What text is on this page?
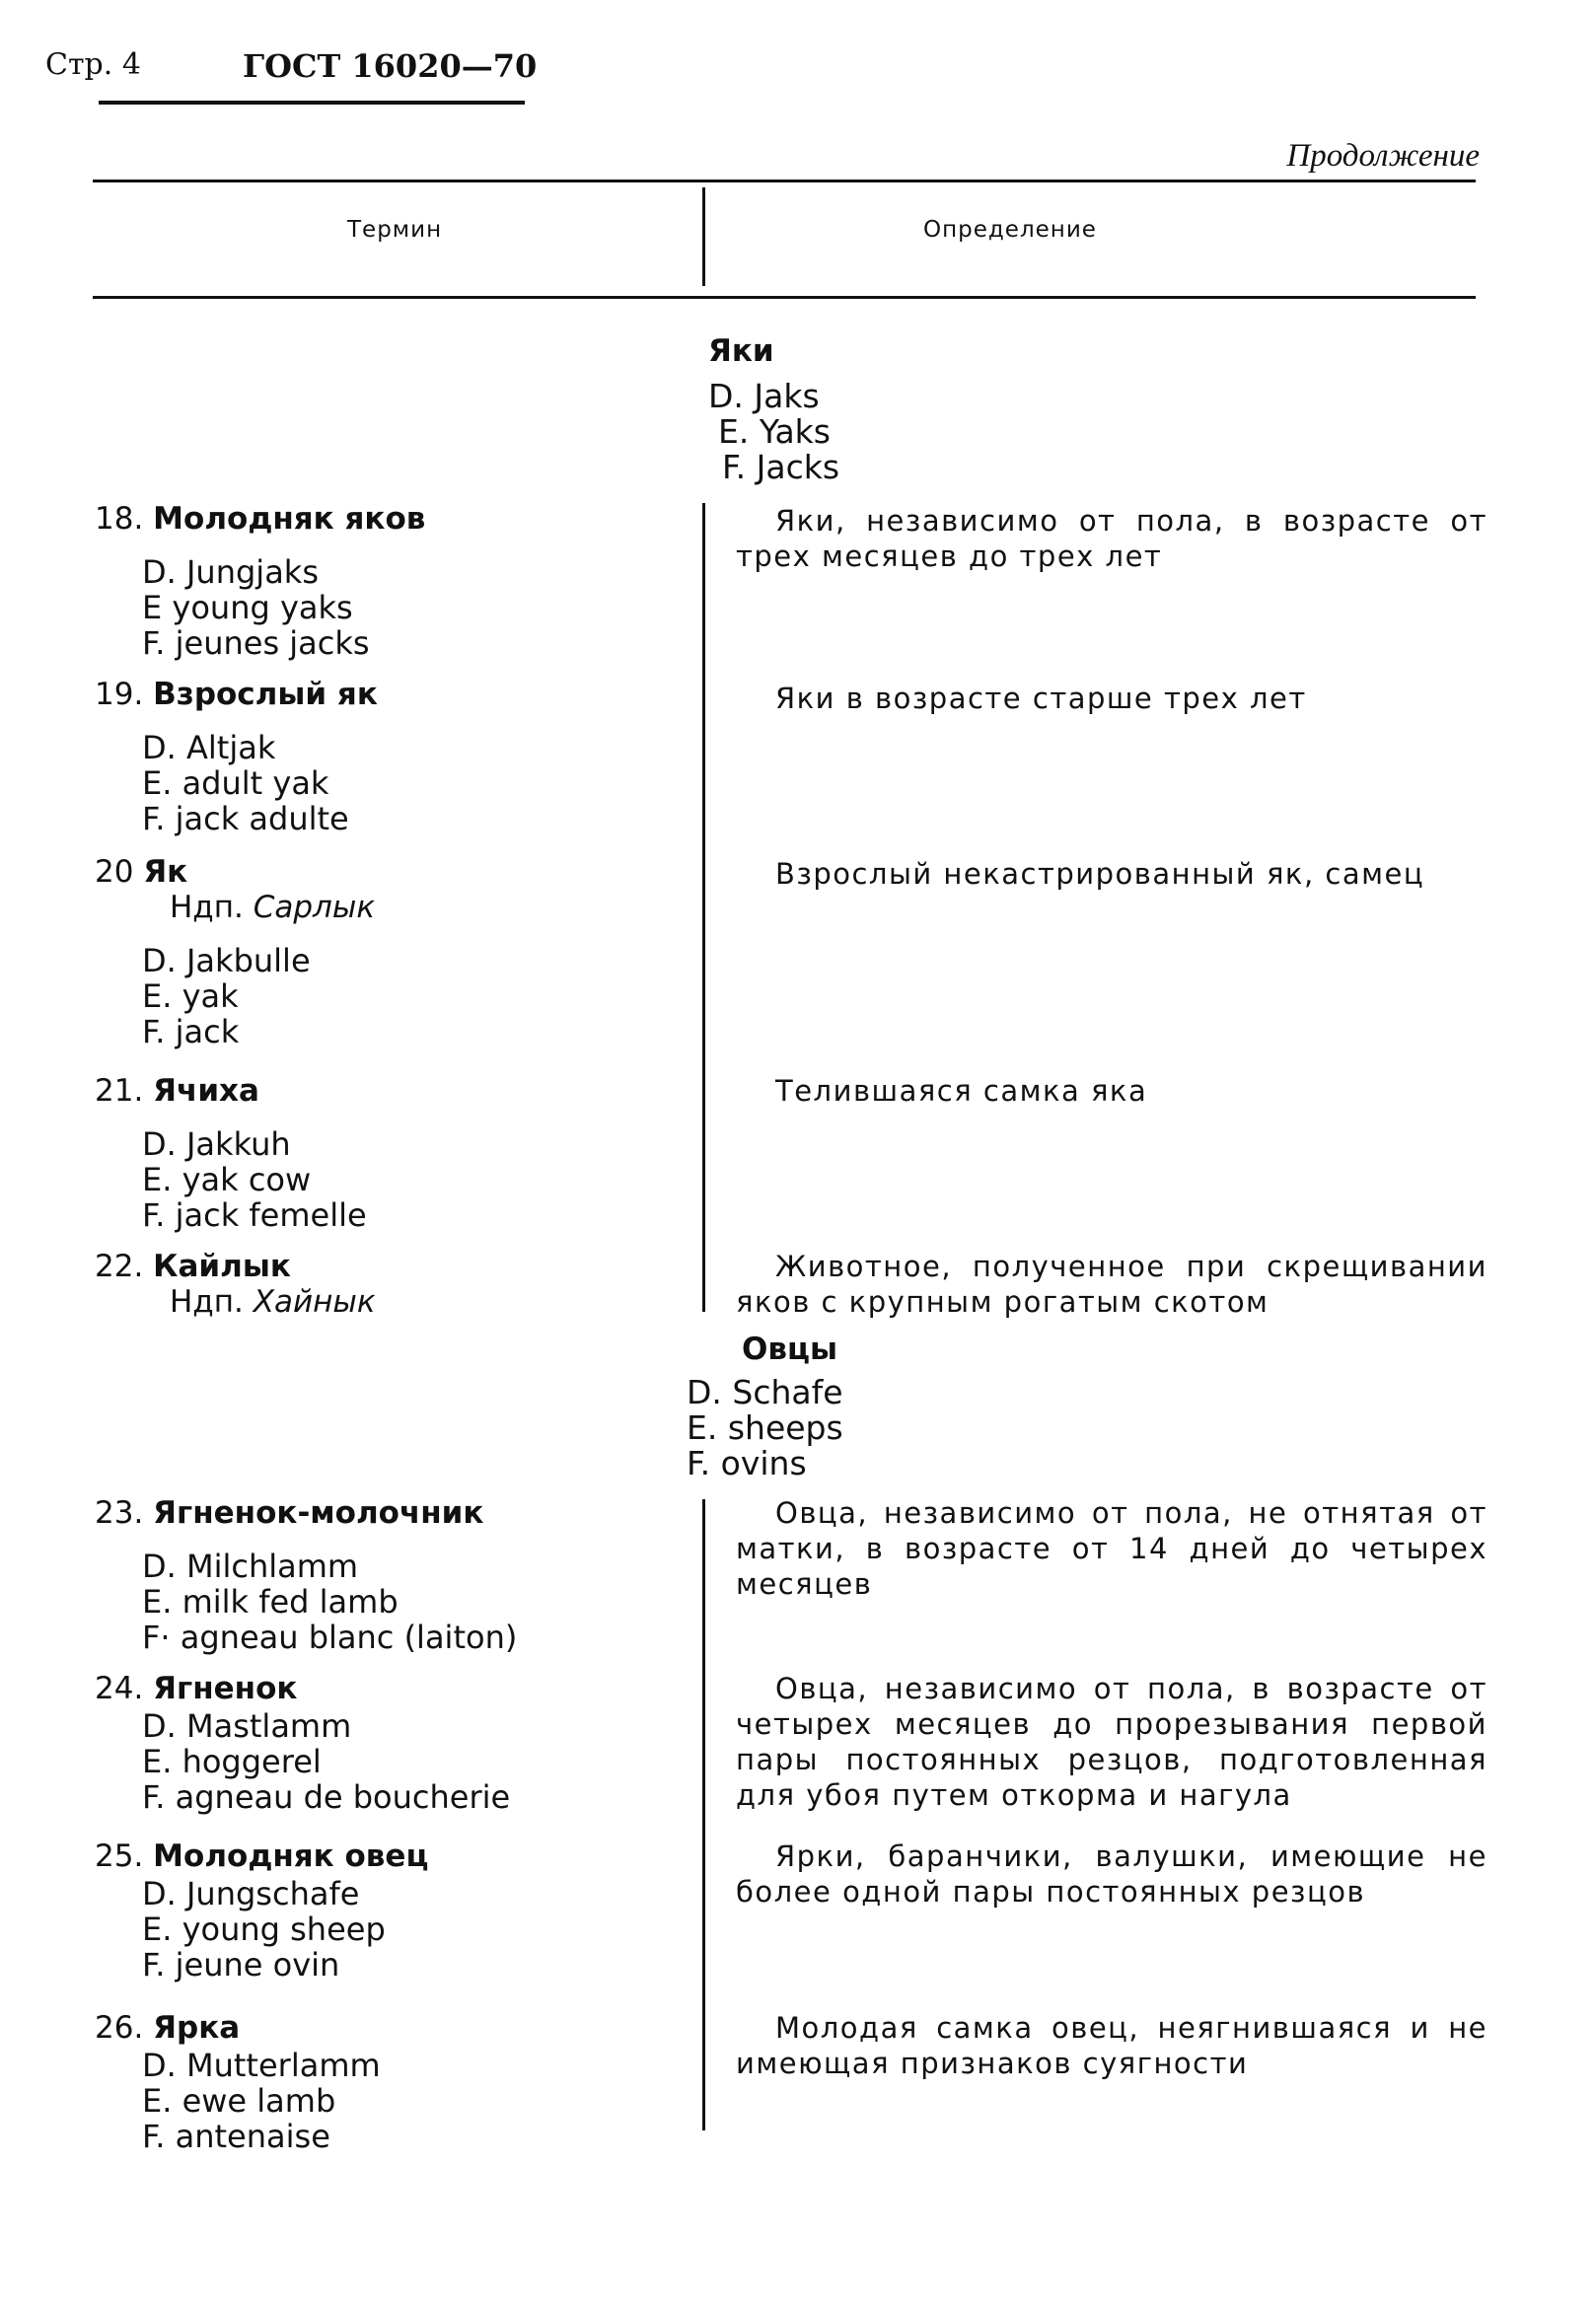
Стр. 4	ГОСТ 16020—70
Продолжение
Термин	Определение
Яки
D. Jaks
E. Yaks
F. Jacks
18. Молодняк яков
D. Jungjaks
E young yaks
F. jeunes jacks
Яки, независимо от пола, в возрасте от трех месяцев до трех лет
19. Взрослый як
D. Altjak
E. adult yak
F. jack adulte
Яки в возрасте старше трех лет
20 Як
Ндп. Сарлык
D. Jakbulle
E. yak
F. jack
Взрослый некастрированный як, самец
21. Ячиха
D. Jakkuh
E. yak cow
F. jack femelle
Телившаяся самка яка
22. Кайлык
Ндп. Хайнык
Животное, полученное при скрещивании яков с крупным рогатым скотом
Овцы
D. Schafe
E. sheeps
F. ovins
23. Ягненок-молочник
D. Milchlamm
E. milk fed lamb
F· agneau blanc (laiton)
Овца, независимо от пола, не отнятая от матки, в возрасте от 14 дней до четырех месяцев
24. Ягненок
D. Mastlamm
E. hoggerel
F. agneau de boucherie
Овца, независимо от пола, в возрасте от четырех месяцев до прорезывания первой пары постоянных резцов, подготовленная для убоя путем откорма и нагула
25. Молодняк овец
D. Jungschafe
E. young sheep
F. jeune ovin
Ярки, баранчики, валушки, имеющие не более одной пары постоянных резцов
26. Ярка
D. Mutterlamm
E. ewe lamb
F. antenaise
Молодая самка овец, неягнившаяся и не имеющая признаков суягности
